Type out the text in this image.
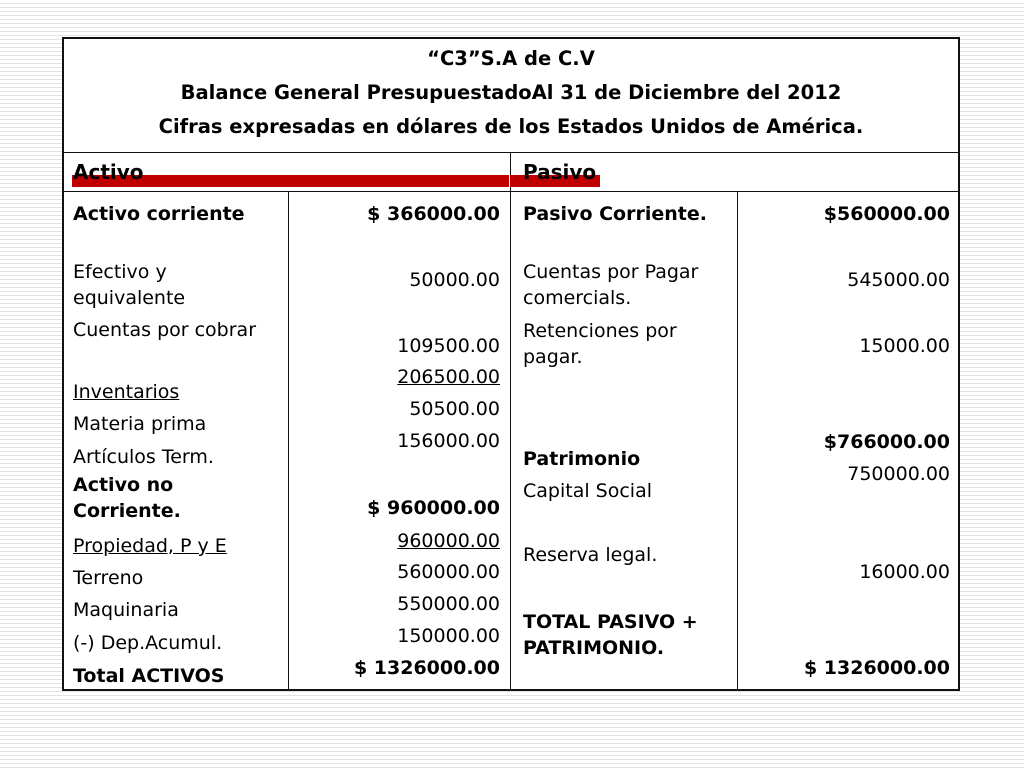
“C3”S.A de C.V
Balance General PresupuestadoAl 31 de Diciembre del 2012
Cifras expresadas en dólares de los Estados Unidos de América.
Activo	Pasivo
Activo corriente
Efectivo y equivalente
Cuentas por cobrar
Inventarios
Materia prima
Artículos Term.
Activo no Corriente.
Propiedad, P y E
Terreno
Maquinaria
(-) Dep.Acumul.
Total ACTIVOS
$ 366000.00
50000.00
109500.00
206500.00
50500.00
156000.00
$ 960000.00
960000.00
560000.00
550000.00
150000.00
$ 1326000.00
Pasivo Corriente.
Cuentas por Pagar comercials.
Retenciones por pagar.
Patrimonio
Capital Social
Reserva legal.
TOTAL PASIVO + PATRIMONIO.
$560000.00
545000.00
15000.00
$766000.00
750000.00
16000.00
$ 1326000.00
